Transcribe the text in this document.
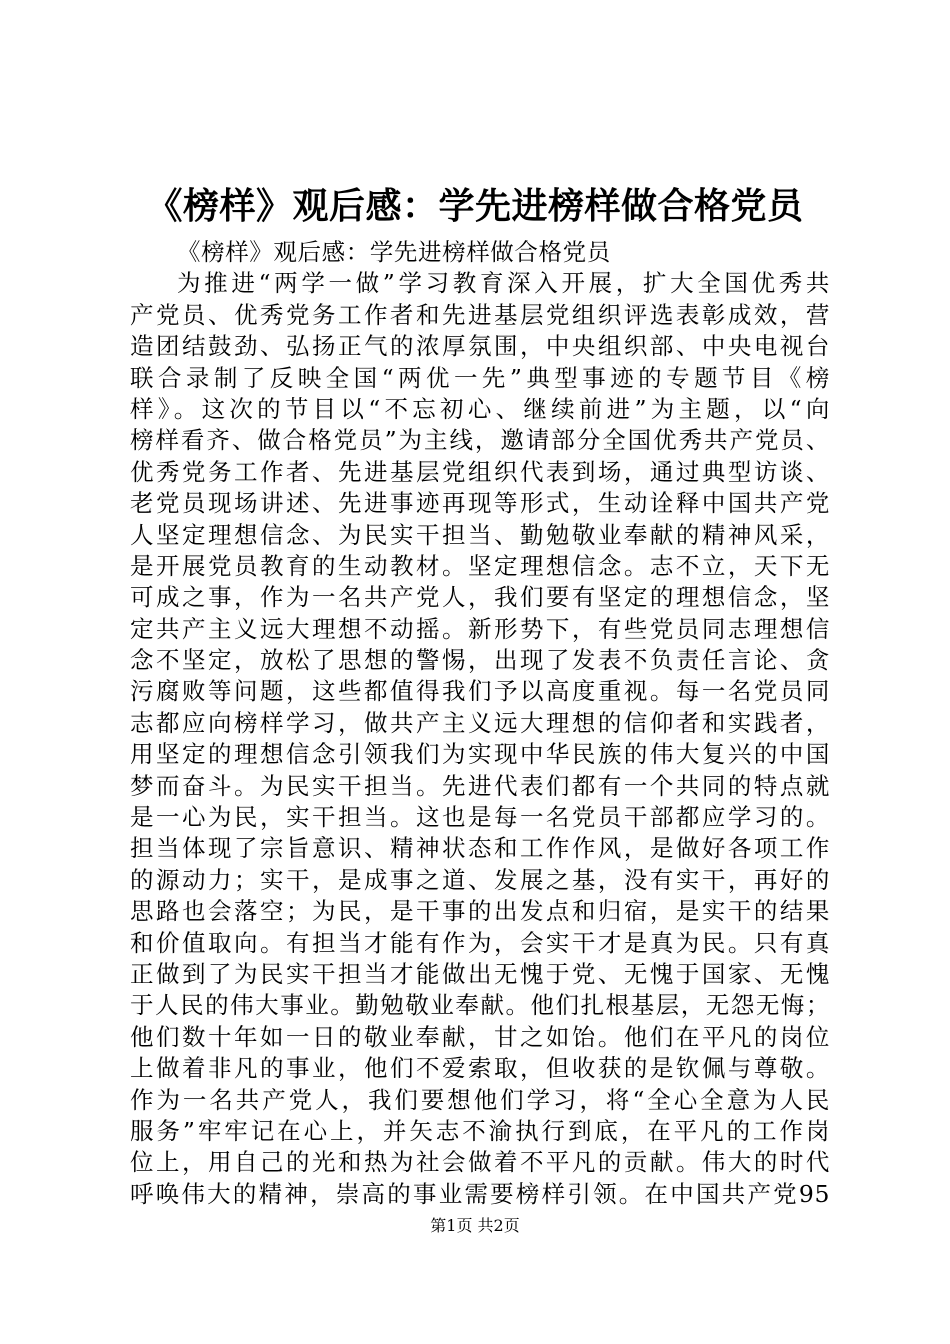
《榜样》观后感：学先进榜样做合格党员
《榜样》观后感：学先进榜样做合格党员
为推进“两学一做”学习教育深入开展，扩大全国优秀共
产党员、优秀党务工作者和先进基层党组织评选表彰成效，营
造团结鼓劲、弘扬正气的浓厚氛围，中央组织部、中央电视台
联合录制了反映全国“两优一先”典型事迹的专题节目《榜
样》。这次的节目以“不忘初心、继续前进”为主题，以“向
榜样看齐、做合格党员”为主线，邀请部分全国优秀共产党员、
优秀党务工作者、先进基层党组织代表到场，通过典型访谈、
老党员现场讲述、先进事迹再现等形式，生动诠释中国共产党
人坚定理想信念、为民实干担当、勤勉敬业奉献的精神风采，
是开展党员教育的生动教材。坚定理想信念。志不立，天下无
可成之事，作为一名共产党人，我们要有坚定的理想信念，坚
定共产主义远大理想不动摇。新形势下，有些党员同志理想信
念不坚定，放松了思想的警惕，出现了发表不负责任言论、贪
污腐败等问题，这些都值得我们予以高度重视。每一名党员同
志都应向榜样学习，做共产主义远大理想的信仰者和实践者，
用坚定的理想信念引领我们为实现中华民族的伟大复兴的中国
梦而奋斗。为民实干担当。先进代表们都有一个共同的特点就
是一心为民，实干担当。这也是每一名党员干部都应学习的。
担当体现了宗旨意识、精神状态和工作作风，是做好各项工作
的源动力；实干，是成事之道、发展之基，没有实干，再好的
思路也会落空；为民，是干事的出发点和归宿，是实干的结果
和价值取向。有担当才能有作为，会实干才是真为民。只有真
正做到了为民实干担当才能做出无愧于党、无愧于国家、无愧
于人民的伟大事业。勤勉敬业奉献。他们扎根基层，无怨无悔；
他们数十年如一日的敬业奉献，甘之如饴。他们在平凡的岗位
上做着非凡的事业，他们不爱索取，但收获的是钦佩与尊敬。
作为一名共产党人，我们要想他们学习，将“全心全意为人民
服务”牢牢记在心上，并矢志不渝执行到底，在平凡的工作岗
位上，用自己的光和热为社会做着不平凡的贡献。伟大的时代
呼唤伟大的精神，崇高的事业需要榜样引领。在中国共产党95
第1页 共2页
